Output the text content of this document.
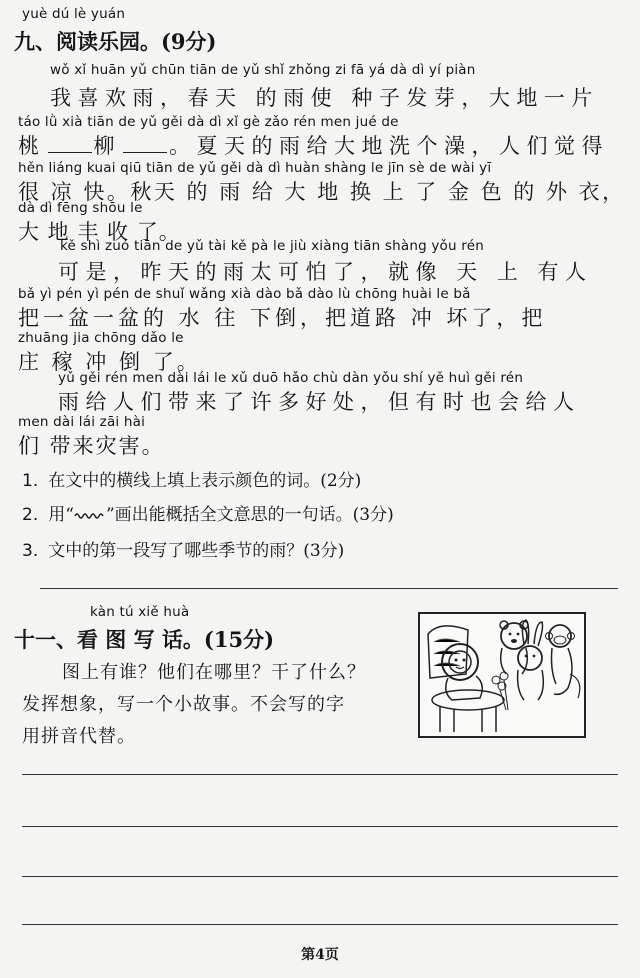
yuè dú lè yuán
九、阅读乐园。(9分)
wǒ xǐ huān yǔ chūn tiān de yǔ shǐ zhǒng zi fā yá dà dì yí piàn
我喜欢雨，春天 的雨使 种子发芽，大地一片
táo lǜ xià tiān de yǔ gěi dà dì xǐ gè zǎo rén men jué de
桃 柳 。夏天的雨给大地洗个澡，人们觉得
hěn liáng kuai qiū tiān de yǔ gěi dà dì huàn shàng le jīn sè de wài yī
很 凉 快。秋天 的 雨 给 大 地 换 上 了 金 色 的 外 衣，
dà dì fēng shōu le
大 地 丰 收 了。
kě shì zuó tiān de yǔ tài kě pà le jiù xiàng tiān shàng yǒu rén
可是，昨天的雨太可怕了，就像 天 上 有人
bǎ yì pén yì pén de shuǐ wǎng xià dào bǎ dào lù chōng huài le bǎ
把一盆一盆的 水 往 下倒，把道路 冲 坏了，把
zhuāng jia chōng dǎo le
庄 稼 冲 倒 了。
yǔ gěi rén men dài lái le xǔ duō hǎo chù dàn yǒu shí yě huì gěi rén
雨给人们带来了许多好处，但有时也会给人
men dài lái zāi hài
们 带来灾害。
1. 在文中的横线上填上表示颜色的词。(2分)
2. 用“ ”画出能概括全文意思的一句话。(3分)
3. 文中的第一段写了哪些季节的雨？(3分)
kàn tú xiě huà
十一、看 图 写 话。(15分)
图上有谁？他们在哪里？干了什么？
发挥想象，写一个小故事。不会写的字
用拼音代替。
第4页
